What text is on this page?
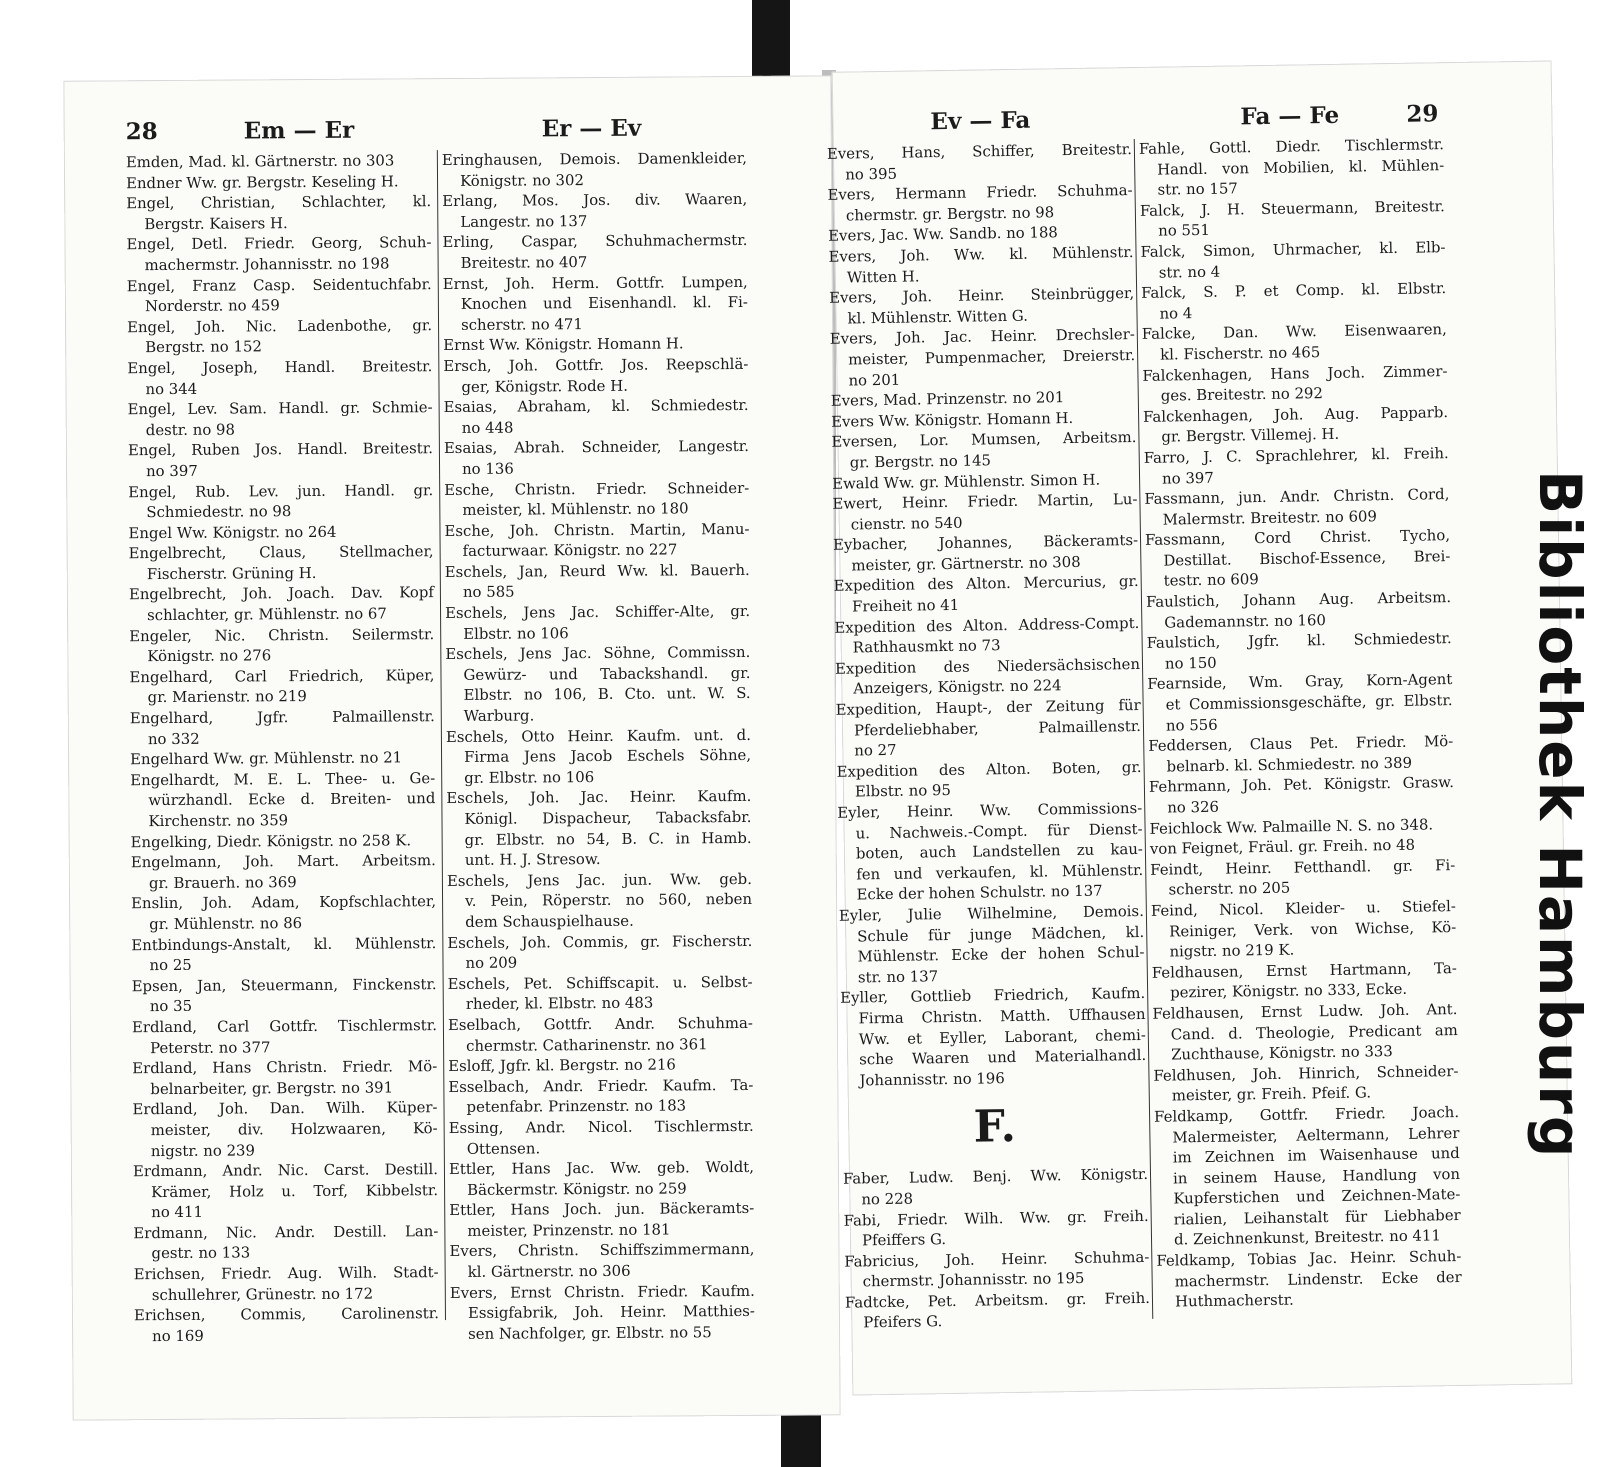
28	Em — Er	Er — Ev
Emden, Mad. kl. Gärtnerstr. no 303
Endner Ww. gr. Bergstr. Keseling H.
Engel, Christian, Schlachter, kl.
Bergstr. Kaisers H.
Engel, Detl. Friedr. Georg, Schuh-
machermstr. Johannisstr. no 198
Engel, Franz Casp. Seidentuchfabr.
Norderstr. no 459
Engel, Joh. Nic. Ladenbothe, gr.
Bergstr. no 152
Engel, Joseph, Handl. Breitestr.
no 344
Engel, Lev. Sam. Handl. gr. Schmie-
destr. no 98
Engel, Ruben Jos. Handl. Breitestr.
no 397
Engel, Rub. Lev. jun. Handl. gr.
Schmiedestr. no 98
Engel Ww. Königstr. no 264
Engelbrecht, Claus, Stellmacher,
Fischerstr. Grüning H.
Engelbrecht, Joh. Joach. Dav. Kopf
schlachter, gr. Mühlenstr. no 67
Engeler, Nic. Christn. Seilermstr.
Königstr. no 276
Engelhard, Carl Friedrich, Küper,
gr. Marienstr. no 219
Engelhard, Jgfr. Palmaillenstr.
no 332
Engelhard Ww. gr. Mühlenstr. no 21
Engelhardt, M. E. L. Thee- u. Ge-
würzhandl. Ecke d. Breiten- und
Kirchenstr. no 359
Engelking, Diedr. Königstr. no 258 K.
Engelmann, Joh. Mart. Arbeitsm.
gr. Brauerh. no 369
Enslin, Joh. Adam, Kopfschlachter,
gr. Mühlenstr. no 86
Entbindungs-Anstalt, kl. Mühlenstr.
no 25
Epsen, Jan, Steuermann, Finckenstr.
no 35
Erdland, Carl Gottfr. Tischlermstr.
Peterstr. no 377
Erdland, Hans Christn. Friedr. Mö-
belnarbeiter, gr. Bergstr. no 391
Erdland, Joh. Dan. Wilh. Küper-
meister, div. Holzwaaren, Kö-
nigstr. no 239
Erdmann, Andr. Nic. Carst. Destill.
Krämer, Holz u. Torf, Kibbelstr.
no 411
Erdmann, Nic. Andr. Destill. Lan-
gestr. no 133
Erichsen, Friedr. Aug. Wilh. Stadt-
schullehrer, Grünestr. no 172
Erichsen, Commis, Carolinenstr.
no 169
Eringhausen, Demois. Damenkleider,
Königstr. no 302
Erlang, Mos. Jos. div. Waaren,
Langestr. no 137
Erling, Caspar, Schuhmachermstr.
Breitestr. no 407
Ernst, Joh. Herm. Gottfr. Lumpen,
Knochen und Eisenhandl. kl. Fi-
scherstr. no 471
Ernst Ww. Königstr. Homann H.
Ersch, Joh. Gottfr. Jos. Reepschlä-
ger, Königstr. Rode H.
Esaias, Abraham, kl. Schmiedestr.
no 448
Esaias, Abrah. Schneider, Langestr.
no 136
Esche, Christn. Friedr. Schneider-
meister, kl. Mühlenstr. no 180
Esche, Joh. Christn. Martin, Manu-
facturwaar. Königstr. no 227
Eschels, Jan, Reurd Ww. kl. Bauerh.
no 585
Eschels, Jens Jac. Schiffer-Alte, gr.
Elbstr. no 106
Eschels, Jens Jac. Söhne, Commissn.
Gewürz- und Tabackshandl. gr.
Elbstr. no 106, B. Cto. unt. W. S.
Warburg.
Eschels, Otto Heinr. Kaufm. unt. d.
Firma Jens Jacob Eschels Söhne,
gr. Elbstr. no 106
Eschels, Joh. Jac. Heinr. Kaufm.
Königl. Dispacheur, Tabacksfabr.
gr. Elbstr. no 54, B. C. in Hamb.
unt. H. J. Stresow.
Eschels, Jens Jac. jun. Ww. geb.
v. Pein, Röperstr. no 560, neben
dem Schauspielhause.
Eschels, Joh. Commis, gr. Fischerstr.
no 209
Eschels, Pet. Schiffscapit. u. Selbst-
rheder, kl. Elbstr. no 483
Eselbach, Gottfr. Andr. Schuhma-
chermstr. Catharinenstr. no 361
Esloff, Jgfr. kl. Bergstr. no 216
Esselbach, Andr. Friedr. Kaufm. Ta-
petenfabr. Prinzenstr. no 183
Essing, Andr. Nicol. Tischlermstr.
Ottensen.
Ettler, Hans Jac. Ww. geb. Woldt,
Bäckermstr. Königstr. no 259
Ettler, Hans Joch. jun. Bäckeramts-
meister, Prinzenstr. no 181
Evers, Christn. Schiffszimmermann,
kl. Gärtnerstr. no 306
Evers, Ernst Christn. Friedr. Kaufm.
Essigfabrik, Joh. Heinr. Matthies-
sen Nachfolger, gr. Elbstr. no 55
Ev — Fa	Fa — Fe	29
Evers, Hans, Schiffer, Breitestr.
no 395
Evers, Hermann Friedr. Schuhma-
chermstr. gr. Bergstr. no 98
Evers, Jac. Ww. Sandb. no 188
Evers, Joh. Ww. kl. Mühlenstr.
Witten H.
Evers, Joh. Heinr. Steinbrügger,
kl. Mühlenstr. Witten G.
Evers, Joh. Jac. Heinr. Drechsler-
meister, Pumpenmacher, Dreierstr.
no 201
Evers, Mad. Prinzenstr. no 201
Evers Ww. Königstr. Homann H.
Eversen, Lor. Mumsen, Arbeitsm.
gr. Bergstr. no 145
Ewald Ww. gr. Mühlenstr. Simon H.
Ewert, Heinr. Friedr. Martin, Lu-
cienstr. no 540
Eybacher, Johannes, Bäckeramts-
meister, gr. Gärtnerstr. no 308
Expedition des Alton. Mercurius, gr.
Freiheit no 41
Expedition des Alton. Address-Compt.
Rathhausmkt no 73
Expedition des Niedersächsischen
Anzeigers, Königstr. no 224
Expedition, Haupt-, der Zeitung für
Pferdeliebhaber, Palmaillenstr.
no 27
Expedition des Alton. Boten, gr.
Elbstr. no 95
Eyler, Heinr. Ww. Commissions-
u. Nachweis.-Compt. für Dienst-
boten, auch Landstellen zu kau-
fen und verkaufen, kl. Mühlenstr.
Ecke der hohen Schulstr. no 137
Eyler, Julie Wilhelmine, Demois.
Schule für junge Mädchen, kl.
Mühlenstr. Ecke der hohen Schul-
str. no 137
Eyller, Gottlieb Friedrich, Kaufm.
Firma Christn. Matth. Uffhausen
Ww. et Eyller, Laborant, chemi-
sche Waaren und Materialhandl.
Johannisstr. no 196
F.
Faber, Ludw. Benj. Ww. Königstr.
no 228
Fabi, Friedr. Wilh. Ww. gr. Freih.
Pfeiffers G.
Fabricius, Joh. Heinr. Schuhma-
chermstr. Johannisstr. no 195
Fadtcke, Pet. Arbeitsm. gr. Freih.
Pfeifers G.
Fahle, Gottl. Diedr. Tischlermstr.
Handl. von Mobilien, kl. Mühlen-
str. no 157
Falck, J. H. Steuermann, Breitestr.
no 551
Falck, Simon, Uhrmacher, kl. Elb-
str. no 4
Falck, S. P. et Comp. kl. Elbstr.
no 4
Falcke, Dan. Ww. Eisenwaaren,
kl. Fischerstr. no 465
Falckenhagen, Hans Joch. Zimmer-
ges. Breitestr. no 292
Falckenhagen, Joh. Aug. Papparb.
gr. Bergstr. Villemej. H.
Farro, J. C. Sprachlehrer, kl. Freih.
no 397
Fassmann, jun. Andr. Christn. Cord,
Malermstr. Breitestr. no 609
Fassmann, Cord Christ. Tycho,
Destillat. Bischof-Essence, Brei-
testr. no 609
Faulstich, Johann Aug. Arbeitsm.
Gademannstr. no 160
Faulstich, Jgfr. kl. Schmiedestr.
no 150
Fearnside, Wm. Gray, Korn-Agent
et Commissionsgeschäfte, gr. Elbstr.
no 556
Feddersen, Claus Pet. Friedr. Mö-
belnarb. kl. Schmiedestr. no 389
Fehrmann, Joh. Pet. Königstr. Grasw.
no 326
Feichlock Ww. Palmaille N. S. no 348.
von Feignet, Fräul. gr. Freih. no 48
Feindt, Heinr. Fetthandl. gr. Fi-
scherstr. no 205
Feind, Nicol. Kleider- u. Stiefel-
Reiniger, Verk. von Wichse, Kö-
nigstr. no 219 K.
Feldhausen, Ernst Hartmann, Ta-
pezirer, Königstr. no 333, Ecke.
Feldhausen, Ernst Ludw. Joh. Ant.
Cand. d. Theologie, Predicant am
Zuchthause, Königstr. no 333
Feldhusen, Joh. Hinrich, Schneider-
meister, gr. Freih. Pfeif. G.
Feldkamp, Gottfr. Friedr. Joach.
Malermeister, Aeltermann, Lehrer
im Zeichnen im Waisenhause und
in seinem Hause, Handlung von
Kupferstichen und Zeichnen-Mate-
rialien, Leihanstalt für Liebhaber
d. Zeichnenkunst, Breitestr. no 411
Feldkamp, Tobias Jac. Heinr. Schuh-
machermstr. Lindenstr. Ecke der
Huthmacherstr.
Bibliothek Hamburg
